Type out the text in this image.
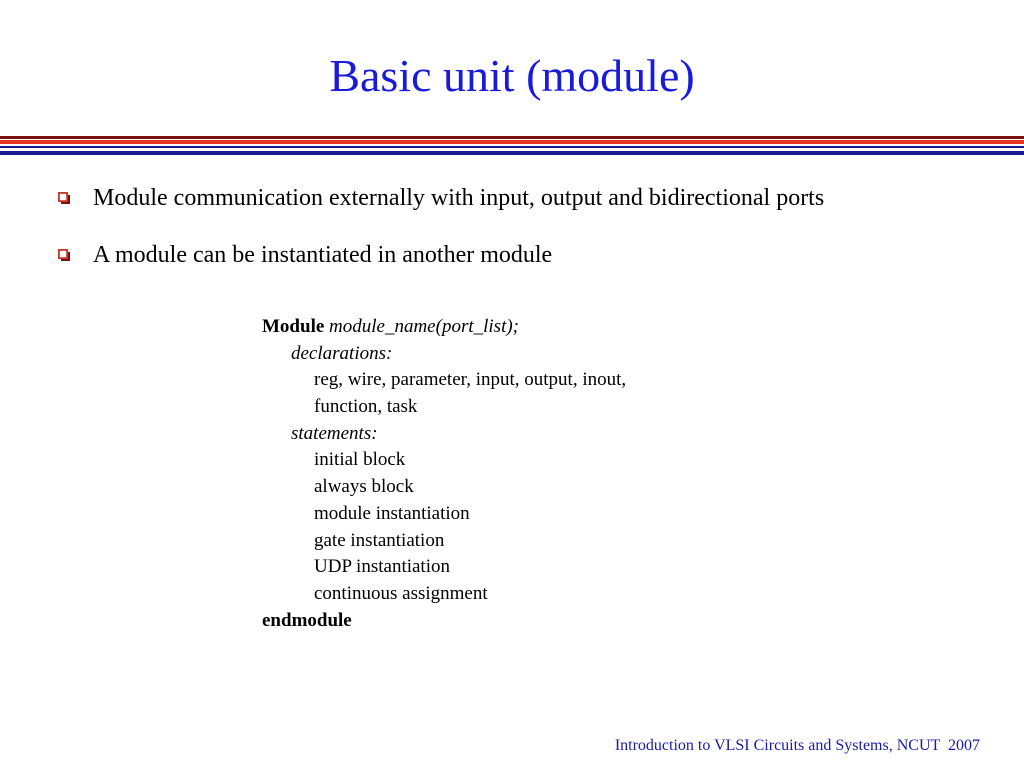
Basic unit (module)
Module communication externally with input, output and bidirectional ports
A module can be instantiated in another module
Module module_name(port_list);
declarations:
reg, wire, parameter, input, output, inout,
function, task
statements:
initial block
always block
module instantiation
gate instantiation
UDP instantiation
continuous assignment
endmodule
Introduction to VLSI Circuits and Systems, NCUT  2007
